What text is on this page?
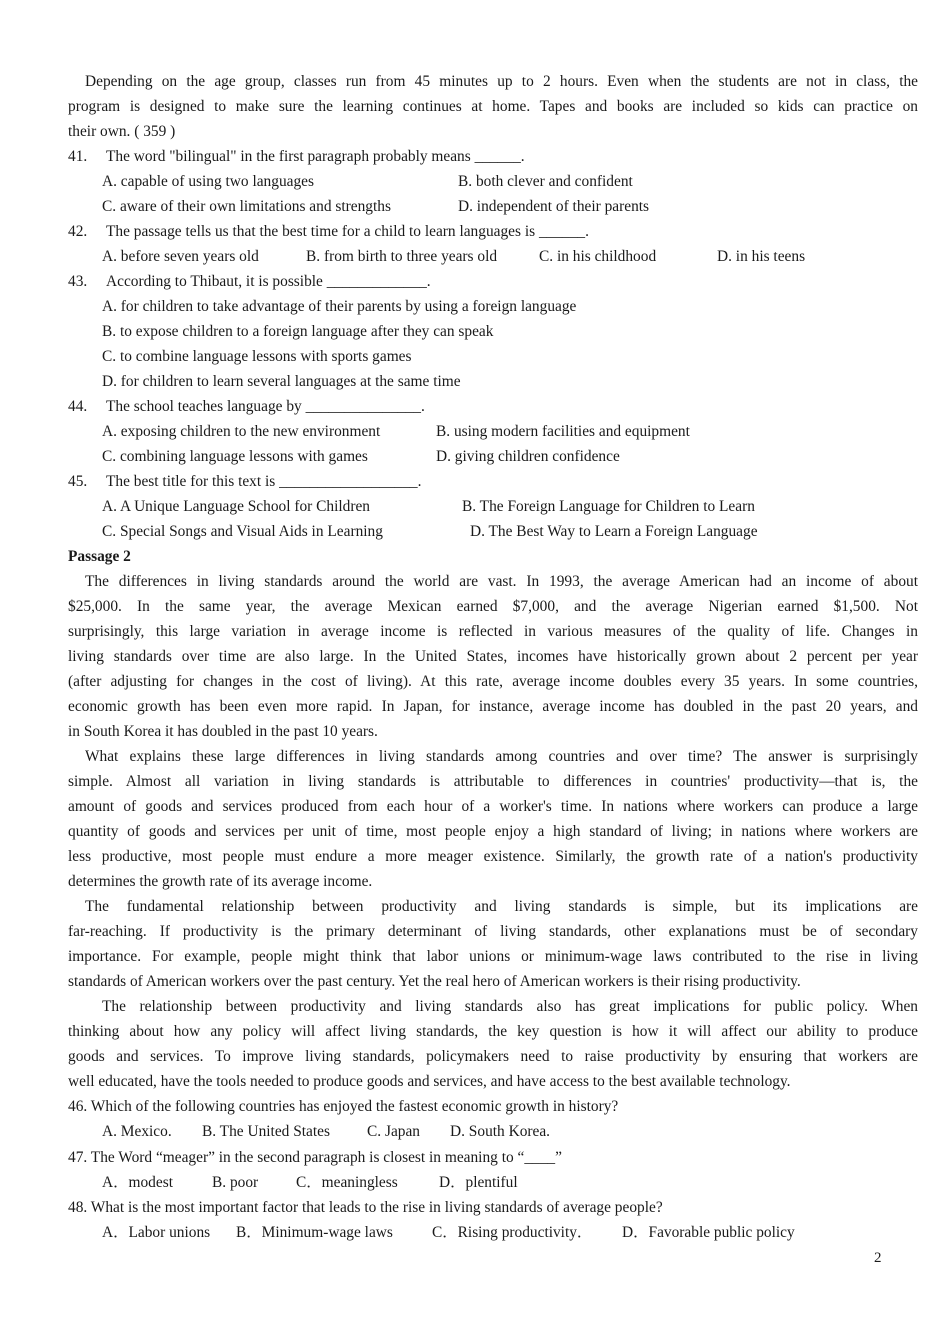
Depending on the age group, classes run from 45 minutes up to 2 hours. Even when the students are not in class, the
program is designed to make sure the learning continues at home. Tapes and books are included so kids can practice on
their own. ( 359 )
41. The word "bilingual" in the first paragraph probably means ______.
A. capable of using two languages	B. both clever and confident
C. aware of their own limitations and strengths	D. independent of their parents
42. The passage tells us that the best time for a child to learn languages is ______.
A. before seven years old	B. from birth to three years old	C. in his childhood	D. in his teens
43. According to Thibaut, it is possible _____________.
A. for children to take advantage of their parents by using a foreign language
B. to expose children to a foreign language after they can speak
C. to combine language lessons with sports games
D. for children to learn several languages at the same time
44. The school teaches language by _______________.
A. exposing children to the new environment	B. using modern facilities and equipment
C. combining language lessons with games	D. giving children confidence
45. The best title for this text is __________________.
A. A Unique Language School for Children	B. The Foreign Language for Children to Learn
C. Special Songs and Visual Aids in Learning	D. The Best Way to Learn a Foreign Language
Passage 2
The differences in living standards around the world are vast. In 1993, the average American had an income of about
$25,000. In the same year, the average Mexican earned $7,000, and the average Nigerian earned $1,500. Not
surprisingly, this large variation in average income is reflected in various measures of the quality of life. Changes in
living standards over time are also large. In the United States, incomes have historically grown about 2 percent per year
(after adjusting for changes in the cost of living). At this rate, average income doubles every 35 years. In some countries,
economic growth has been even more rapid. In Japan, for instance, average income has doubled in the past 20 years, and
in South Korea it has doubled in the past 10 years.
What explains these large differences in living standards among countries and over time? The answer is surprisingly
simple. Almost all variation in living standards is attributable to differences in countries' productivity—that is, the
amount of goods and services produced from each hour of a worker's time. In nations where workers can produce a large
quantity of goods and services per unit of time, most people enjoy a high standard of living; in nations where workers are
less productive, most people must endure a more meager existence. Similarly, the growth rate of a nation's productivity
determines the growth rate of its average income.
The fundamental relationship between productivity and living standards is simple, but its implications are
far-reaching. If productivity is the primary determinant of living standards, other explanations must be of secondary
importance. For example, people might think that labor unions or minimum-wage laws contributed to the rise in living
standards of American workers over the past century. Yet the real hero of American workers is their rising productivity.
The relationship between productivity and living standards also has great implications for public policy. When
thinking about how any policy will affect living standards, the key question is how it will affect our ability to produce
goods and services. To improve living standards, policymakers need to raise productivity by ensuring that workers are
well educated, have the tools needed to produce goods and services, and have access to the best available technology.
46. Which of the following countries has enjoyed the fastest economic growth in history?
A. Mexico. B. The United States C. Japan D. South Korea.
47. The Word “meager” in the second paragraph is closest in meaning to “____”
A．modest	B. poor C．meaningless	D．plentiful
48. What is the most important factor that leads to the rise in living standards of average people?
A．Labor unions B．Minimum-wage laws	C．Rising productivity． D．Favorable public policy
2
